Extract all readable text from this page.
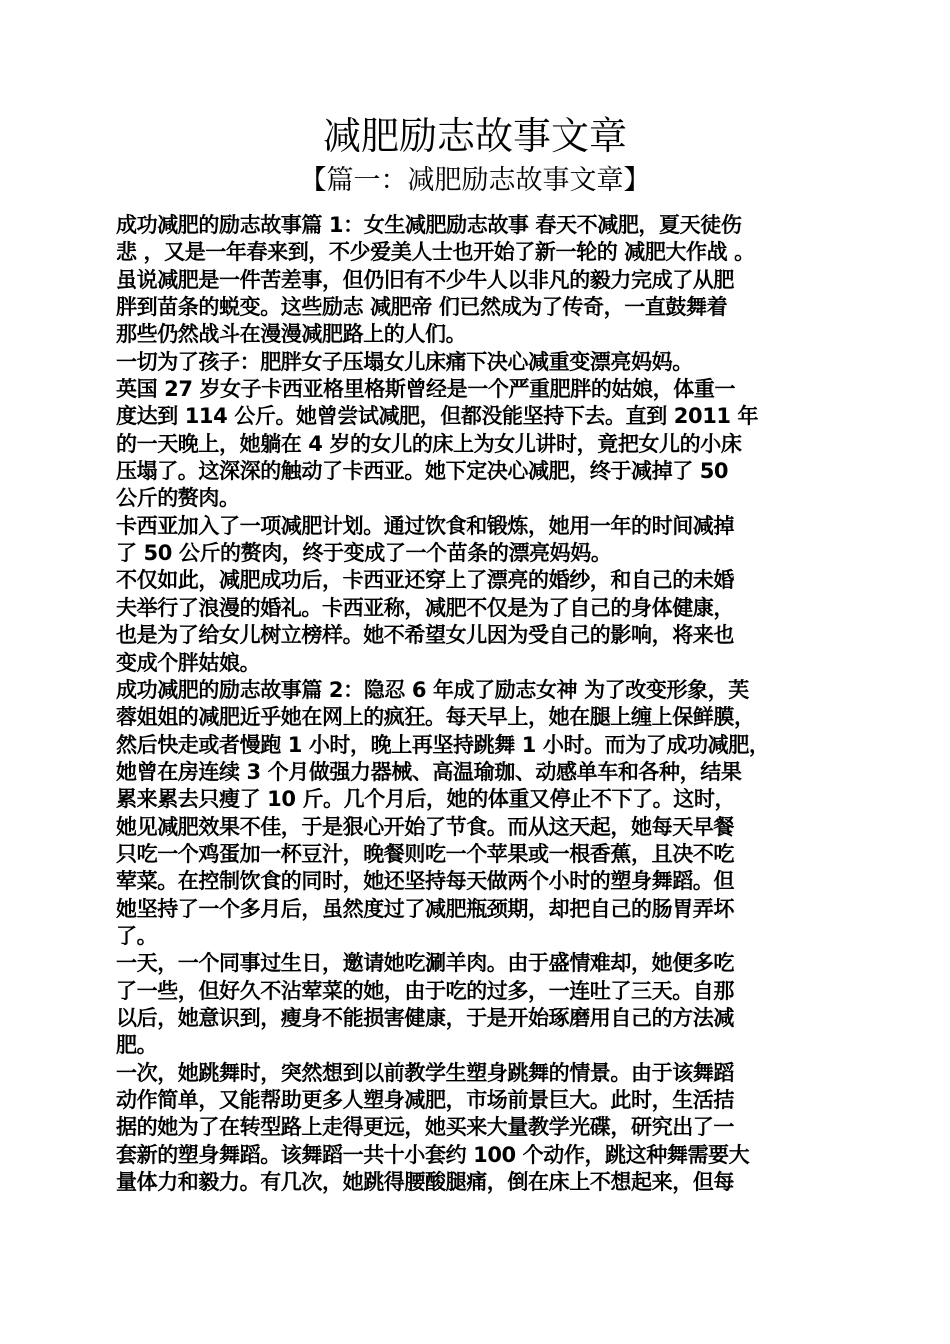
减肥励志故事文章
【篇一：减肥励志故事文章】
成功减肥的励志故事篇 1：女生减肥励志故事 春天不减肥，夏天徒伤
悲 ，又是一年春来到，不少爱美人士也开始了新一轮的 减肥大作战 。
虽说减肥是一件苦差事，但仍旧有不少牛人以非凡的毅力完成了从肥
胖到苗条的蜕变。这些励志 减肥帝 们已然成为了传奇，一直鼓舞着
那些仍然战斗在漫漫减肥路上的人们。
一切为了孩子：肥胖女子压塌女儿床痛下决心减重变漂亮妈妈。
英国 27 岁女子卡西亚格里格斯曾经是一个严重肥胖的姑娘，体重一
度达到 114 公斤。她曾尝试减肥，但都没能坚持下去。直到 2011 年
的一天晚上，她躺在 4 岁的女儿的床上为女儿讲时，竟把女儿的小床
压塌了。这深深的触动了卡西亚。她下定决心减肥，终于减掉了 50
公斤的赘肉。
卡西亚加入了一项减肥计划。通过饮食和锻炼，她用一年的时间减掉
了 50 公斤的赘肉，终于变成了一个苗条的漂亮妈妈。
不仅如此，减肥成功后，卡西亚还穿上了漂亮的婚纱，和自己的未婚
夫举行了浪漫的婚礼。卡西亚称，减肥不仅是为了自己的身体健康，
也是为了给女儿树立榜样。她不希望女儿因为受自己的影响，将来也
变成个胖姑娘。
成功减肥的励志故事篇 2：隐忍 6 年成了励志女神 为了改变形象，芙
蓉姐姐的减肥近乎她在网上的疯狂。每天早上，她在腿上缠上保鲜膜，
然后快走或者慢跑 1 小时，晚上再坚持跳舞 1 小时。而为了成功减肥，
她曾在房连续 3 个月做强力器械、高温瑜珈、动感单车和各种，结果
累来累去只瘦了 10 斤。几个月后，她的体重又停止不下了。这时，
她见减肥效果不佳，于是狠心开始了节食。而从这天起，她每天早餐
只吃一个鸡蛋加一杯豆汁，晚餐则吃一个苹果或一根香蕉，且决不吃
荤菜。在控制饮食的同时，她还坚持每天做两个小时的塑身舞蹈。但
她坚持了一个多月后，虽然度过了减肥瓶颈期，却把自己的肠胃弄坏
了。
一天，一个同事过生日，邀请她吃涮羊肉。由于盛情难却，她便多吃
了一些，但好久不沾荤菜的她，由于吃的过多，一连吐了三天。自那
以后，她意识到，瘦身不能损害健康，于是开始琢磨用自己的方法减
肥。
一次，她跳舞时，突然想到以前教学生塑身跳舞的情景。由于该舞蹈
动作简单，又能帮助更多人塑身减肥，市场前景巨大。此时，生活拮
据的她为了在转型路上走得更远，她买来大量教学光碟，研究出了一
套新的塑身舞蹈。该舞蹈一共十小套约 100 个动作，跳这种舞需要大
量体力和毅力。有几次，她跳得腰酸腿痛，倒在床上不想起来，但每
